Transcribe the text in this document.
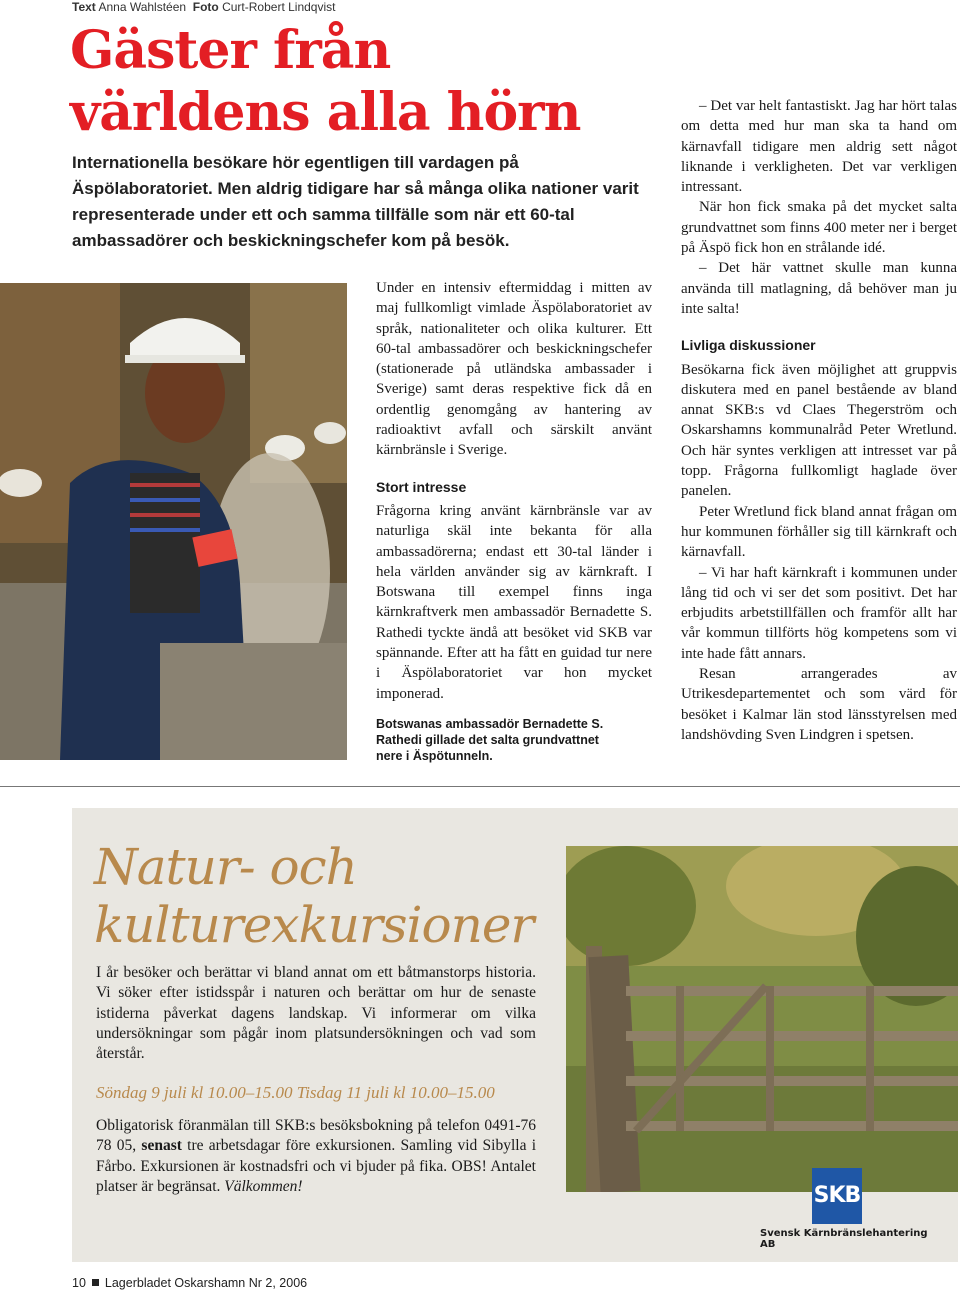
Text Anna Wahlstéen Foto Curt-Robert Lindqvist
Gäster från
världens alla hörn
Internationella besökare hör egentligen till vardagen på Äspölaboratoriet. Men aldrig tidigare har så många olika nationer varit representerade under ett och samma tillfälle som när ett 60-tal ambassadörer och beskickningschefer kom på besök.

Under en intensiv eftermiddag i mitten av maj fullkomligt vimlade Äspölaboratoriet av språk, nationaliteter och olika kulturer. Ett 60-tal ambassadörer och beskickningschefer (stationerade på utländska ambassader i Sverige) samt deras respektive fick då en ordentlig genomgång av hantering av radioaktivt avfall och särskilt använt kärnbränsle i Sverige.

Stort intresse

Frågorna kring använt kärnbränsle var av naturliga skäl inte bekanta för alla ambassadörerna; endast ett 30-tal länder i hela världen använder sig av kärnkraft. I Botswana till exempel finns inga kärnkraftverk men ambassadör Bernadette S. Rathedi tyckte ändå att besöket vid SKB var spännande. Efter att ha fått en guidad tur nere i Äspölaboratoriet var hon mycket imponerad.

Botswanas ambassadör Bernadette S. Rathedi gillade det salta grundvattnet nere i Äspötunneln.

– Det var helt fantastiskt. Jag har hört talas om detta med hur man ska ta hand om kärnavfall tidigare men aldrig sett något liknande i verkligheten. Det var verkligen intressant.

När hon fick smaka på det mycket salta grundvattnet som finns 400 meter ner i berget på Äspö fick hon en strålande idé.

– Det här vattnet skulle man kunna använda till matlagning, då behöver man ju inte salta!

Livliga diskussioner

Besökarna fick även möjlighet att gruppvis diskutera med en panel bestående av bland annat SKB:s vd Claes Thegerström och Oskarshamns kommunalråd Peter Wretlund. Och här syntes verkligen att intresset var på topp. Frågorna fullkomligt haglade över panelen.

Peter Wretlund fick bland annat frågan om hur kommunen förhåller sig till kärnkraft och kärnavfall.

– Vi har haft kärnkraft i kommunen under lång tid och vi ser det som positivt. Det har erbjudits arbetstillfällen och framför allt har vår kommun tillförts hög kompetens som vi inte hade fått annars.

Resan arrangerades av Utrikesdepartementet och som värd för besöket i Kalmar län stod länsstyrelsen med landshövding Sven Lindgren i spetsen.

Natur- och
kulturexkursioner

I år besöker och berättar vi bland annat om ett båtmanstorps historia. Vi söker efter istidsspår i naturen och berättar om hur de senaste istiderna påverkat dagens landskap. Vi informerar om vilka undersökningar som pågår inom platsundersökningen och vad som återstår.

Söndag 9 juli kl 10.00–15.00 Tisdag 11 juli kl 10.00–15.00
Obligatorisk föranmälan till SKB:s besöksbokning på telefon 0491-76 78 05, senast tre arbetsdagar före exkursionen. Samling vid Sibylla i Fårbo. Exkursionen är kostnadsfri och vi bjuder på fika. OBS! Antalet platser är begränsat. Välkommen!	SKB
Svensk Kärnbränslehantering AB
10 Lagerbladet Oskarshamn Nr 2, 2006
